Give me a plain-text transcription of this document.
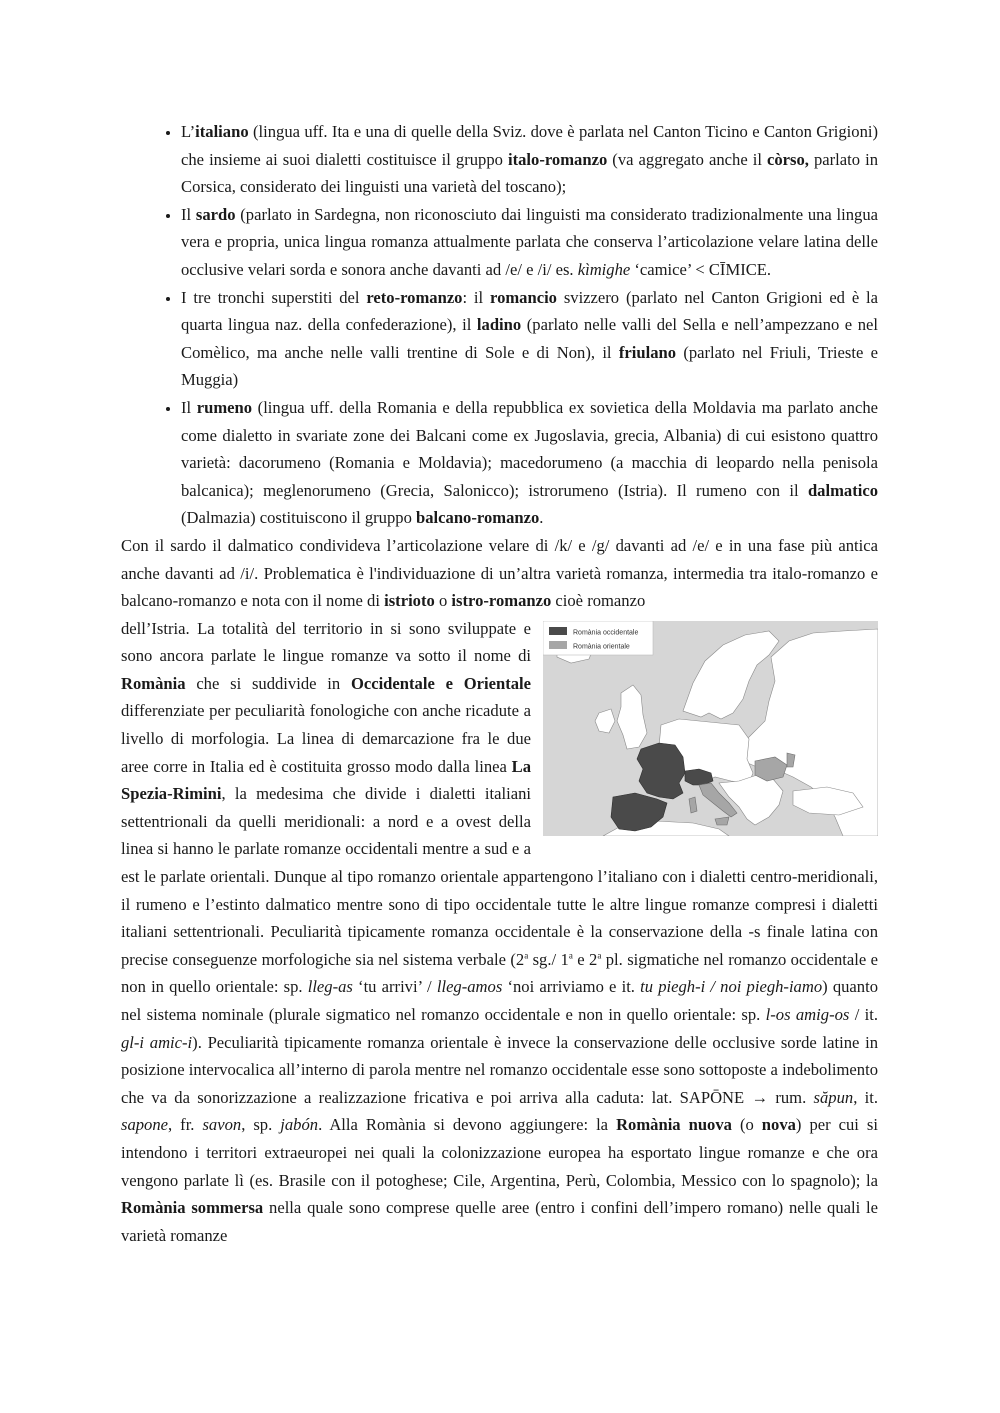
• L’italiano (lingua uff. Ita e una di quelle della Sviz. dove è parlata nel Canton Ticino e Canton Grigioni) che insieme ai suoi dialetti costituisce il gruppo italo-romanzo (va aggregato anche il còrso, parlato in Corsica, considerato dei linguisti una varietà del toscano);
• Il sardo (parlato in Sardegna, non riconosciuto dai linguisti ma considerato tradizionalmente una lingua vera e propria, unica lingua romanza attualmente parlata che conserva l’articolazione velare latina delle occlusive velari sorda e sonora anche davanti ad /e/ e /i/ es. kìmighe ‘camice’ < CĪMICE.
• I tre tronchi superstiti del reto-romanzo: il romancio svizzero (parlato nel Canton Grigioni ed è la quarta lingua naz. della confederazione), il ladino (parlato nelle valli del Sella e nell’ampezzano e nel Comèlico, ma anche nelle valli trentine di Sole e di Non), il friulano (parlato nel Friuli, Trieste e Muggia)
• Il rumeno (lingua uff. della Romania e della repubblica ex sovietica della Moldavia ma parlato anche come dialetto in svariate zone dei Balcani come ex Jugoslavia, grecia, Albania) di cui esistono quattro varietà: dacorumeno (Romania e Moldavia); macedorumeno (a macchia di leopardo nella penisola balcanica); meglenorumeno (Grecia, Salonicco); istrorumeno (Istria). Il rumeno con il dalmatico (Dalmazia) costituiscono il gruppo balcano-romanzo.

Con il sardo il dalmatico condivideva l’articolazione velare di /k/ e /g/ davanti ad /e/ e in una fase più antica anche davanti ad /i/. Problematica è l'individuazione di un’altra varietà romanza, intermedia tra italo-romanzo e balcano-romanzo e nota con il nome di istrioto o istro-romanzo cioè romanzo

Romània occidentale
Romània orientale
dell’Istria. La totalità del territorio in si sono sviluppate e sono ancora parlate le lingue romanze va sotto il nome di Romània che si suddivide in Occidentale e Orientale differenziate per peculiarità fonologiche con anche ricadute a livello di morfologia. La linea di demarcazione fra le due aree corre in Italia ed è costituita grosso modo dalla linea La Spezia-Rimini, la medesima che divide i dialetti italiani settentrionali da quelli meridionali: a nord e a ovest della linea si hanno le parlate romanze occidentali mentre a sud e a est le parlate orientali. Dunque al tipo romanzo orientale appartengono l’italiano con i dialetti centro-meridionali, il rumeno e l’estinto dalmatico mentre sono di tipo occidentale tutte le altre lingue romanze compresi i dialetti italiani settentrionali. Peculiarità tipicamente romanza occidentale è la conservazione della -s finale latina con precise conseguenze morfologiche sia nel sistema verbale (2$^a$ sg./ 1$^a$ e 2$^a$ pl. sigmatiche nel romanzo occidentale e non in quello orientale: sp. lleg-as ‘tu arrivi’ / lleg-amos ‘noi arriviamo e it. tu piegh-i / noi piegh-iamo) quanto nel sistema nominale (plurale sigmatico nel romanzo occidentale e non in quello orientale: sp. l-os amig-os / it. gl-i amic-i). Peculiarità tipicamente romanza orientale è invece la conservazione delle occlusive sorde latine in posizione intervocalica all’interno di parola mentre nel romanzo occidentale esse sono sottoposte a indebolimento che va da sonorizzazione a realizzazione fricativa e poi arriva alla caduta: lat. SAPŌNE → rum. săpun, it. sapone, fr. savon, sp. jabón. Alla Romània si devono aggiungere: la Romània nuova (o nova) per cui si intendono i territori extraeuropei nei quali la colonizzazione europea ha esportato lingue romanze e che ora vengono parlate lì (es. Brasile con il potoghese; Cile, Argentina, Perù, Colombia, Messico con lo spagnolo); la Romània sommersa nella quale sono comprese quelle aree (entro i confini dell’impero romano) nelle quali le varietà romanze
